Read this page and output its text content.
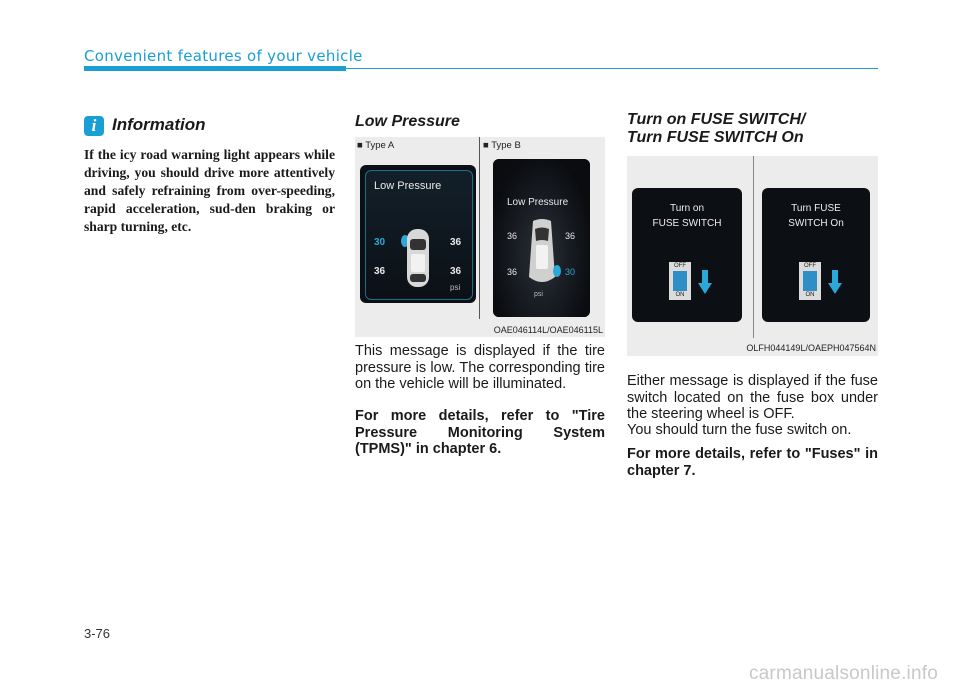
Convenient features of your vehicle
i Information
If the icy road warning light appears while driving, you should drive more attentively and safely refraining from over-speeding, rapid acceleration, sud-den braking or sharp turning, etc.
Low Pressure
■ Type A	■ Type B
Low Pressure
30	36
36	36
psi
Low Pressure
36	36
36	30
psi
OAE046114L/OAE046115L
This message is displayed if the tire pressure is low. The corresponding tire on the vehicle will be illuminated.
For more details, refer to "Tire Pressure Monitoring System (TPMS)" in chapter 6.
Turn on FUSE SWITCH/
Turn FUSE SWITCH On
Turn on
FUSE SWITCH
OFF
ON
Turn FUSE
SWITCH On
OFF
ON
OLFH044149L/OAEPH047564N
Either message is displayed if the fuse switch located on the fuse box under the steering wheel is OFF.
You should turn the fuse switch on.
For more details, refer to "Fuses" in chapter 7.
3-76
carmanualsonline.info
